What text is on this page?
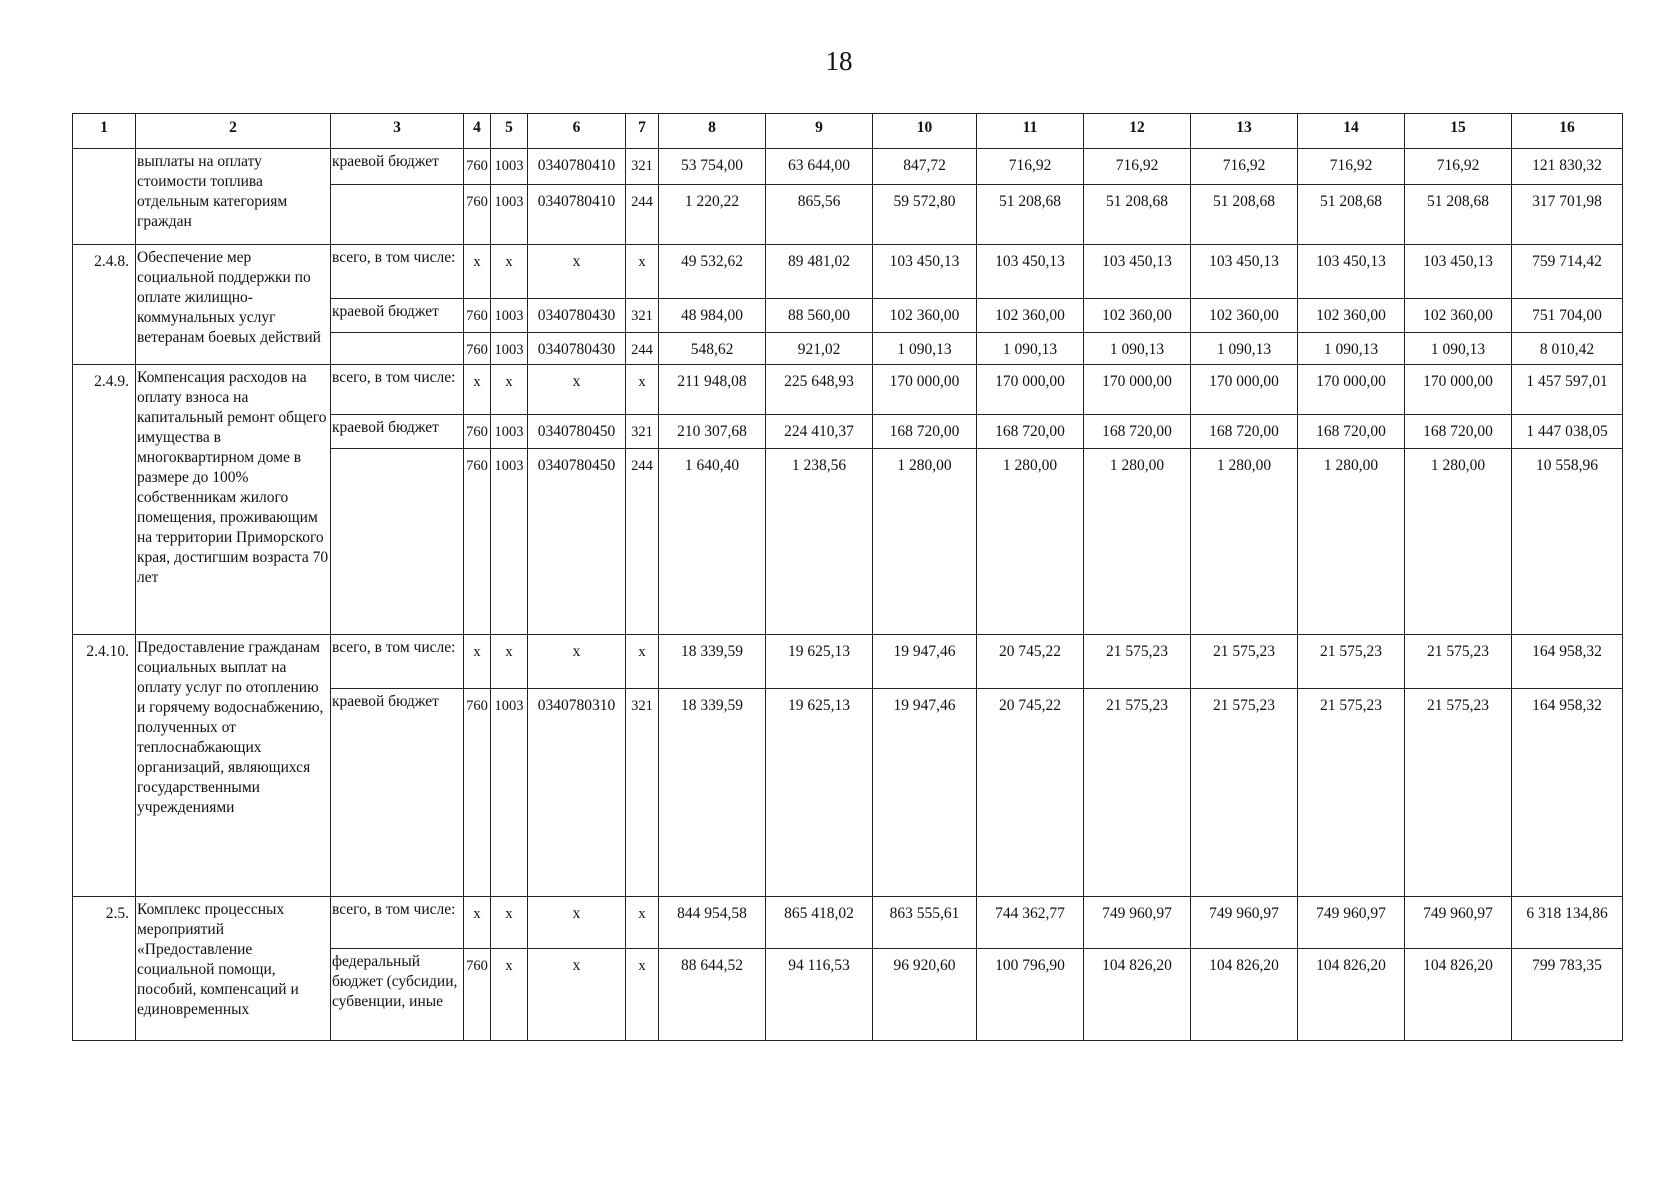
18
1	2	3	4	5	6	7	8	9	10	11	12	13	14	15	16
	выплаты на оплату стоимости топлива отдельным категориям граждан	краевой бюджет	760	1003	0340780410	321	53 754,00	63 644,00	847,72	716,92	716,92	716,92	716,92	716,92	121 830,32
			760	1003	0340780410	244	1 220,22	865,56	59 572,80	51 208,68	51 208,68	51 208,68	51 208,68	51 208,68	317 701,98
2.4.8.	Обеспечение мер социальной поддержки по оплате жилищно-коммунальных услуг ветеранам боевых действий	всего, в том числе:	x	x	x	x	49 532,62	89 481,02	103 450,13	103 450,13	103 450,13	103 450,13	103 450,13	103 450,13	759 714,42
		краевой бюджет	760	1003	0340780430	321	48 984,00	88 560,00	102 360,00	102 360,00	102 360,00	102 360,00	102 360,00	102 360,00	751 704,00
			760	1003	0340780430	244	548,62	921,02	1 090,13	1 090,13	1 090,13	1 090,13	1 090,13	1 090,13	8 010,42
2.4.9.	Компенсация расходов на оплату взноса на капитальный ремонт общего имущества в многоквартирном доме в размере до 100% собственникам жилого помещения, проживающим на территории Приморского края, достигшим возраста 70 лет	всего, в том числе:	x	x	x	x	211 948,08	225 648,93	170 000,00	170 000,00	170 000,00	170 000,00	170 000,00	170 000,00	1 457 597,01
		краевой бюджет	760	1003	0340780450	321	210 307,68	224 410,37	168 720,00	168 720,00	168 720,00	168 720,00	168 720,00	168 720,00	1 447 038,05
			760	1003	0340780450	244	1 640,40	1 238,56	1 280,00	1 280,00	1 280,00	1 280,00	1 280,00	1 280,00	10 558,96
2.4.10.	Предоставление гражданам социальных выплат на оплату услуг по отоплению и горячему водоснабжению, полученных от теплоснабжающих организаций, являющихся государственными учреждениями	всего, в том числе:	x	x	x	x	18 339,59	19 625,13	19 947,46	20 745,22	21 575,23	21 575,23	21 575,23	21 575,23	164 958,32
		краевой бюджет	760	1003	0340780310	321	18 339,59	19 625,13	19 947,46	20 745,22	21 575,23	21 575,23	21 575,23	21 575,23	164 958,32
2.5.	Комплекс процессных мероприятий «Предоставление социальной помощи, пособий, компенсаций и единовременных	всего, в том числе:	x	x	x	x	844 954,58	865 418,02	863 555,61	744 362,77	749 960,97	749 960,97	749 960,97	749 960,97	6 318 134,86
		федеральный бюджет (субсидии, субвенции, иные	760	x	x	x	88 644,52	94 116,53	96 920,60	100 796,90	104 826,20	104 826,20	104 826,20	104 826,20	799 783,35
